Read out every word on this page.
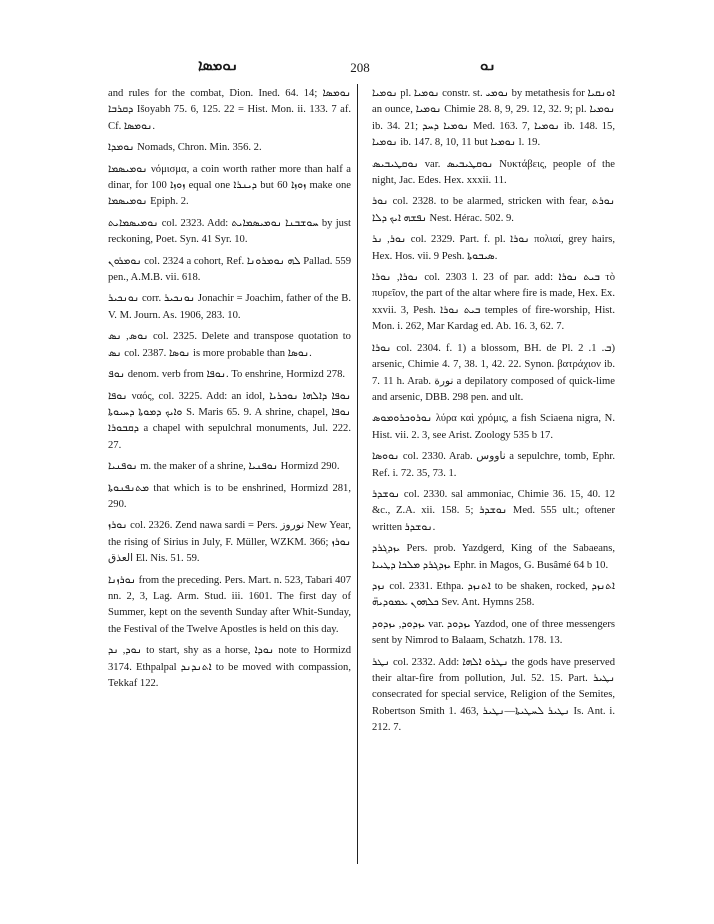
ܢܘܡܣܐ	208	ܢܘ

and rules for the combat, Dion. Ined. 64. 14; ܢܘܡܣܐ ܕܩܪܒܐ Išoyabh 75. 6, 125. 22 = Hist. Mon. ii. 133. 7 af. Cf. ܢܘܡܣܐ.

ܢܘܡܕܐ Nomads, Chron. Min. 356. 2.

ܢܘܡܝܣܡܐ νόμισμα, a coin worth rather more than half a dinar, for 100 ܙܘܙܐ equal one ܕܝܢܪܐ but 60 ܙܘܙܐ make one ܢܘܡܝܣܡܐ Epiph. 2.

ܢܘܡܝܣܡܐܝܬ col. 2323. Add: ܚܘܫܒܢܐ ܢܘܡܝܣܡܐܝܬ by just reckoning, Poet. Syn. 41 Syr. 10.

ܢܘܡܪܘܢ col. 2324 a cohort, Ref. ܠܗ ܢܘܡܪܘܢܐ Pallad. 559 pen., A.M.B. vii. 618.

ܢܘܢܟܝܪ corr. ܢܘܢܟܝܪ Jonachir = Joachim, father of the B. V. M. Journ. As. 1906, 283. 10.

ܢܘܣ, ܢܣ col. 2325. Delete and transpose quotation to ܢܣ col. 2387. ܢܘܣܐ is more probable than ܢܘܣܐ.

ܢܘܦ denom. verb from ܢܘܦܐ. To enshrine, Hormizd 278.

ܢܘܦܐ ναός, col. 3225. Add: an idol, ܢܘܦܐ ܕܐܠܗܐ ܢܘܟܪܝܐ ܘܐܝܟ ܕܡܘܬܐ ܕܚܝܘܬܐ S. Maris 65. 9. A shrine, chapel, ܢܘܦܐ ܕܩܒܘܪܐ a chapel with sepulchral monuments, Jul. 222. 27.

ܢܘܦܢܝܐ m. the maker of a shrine, ܢܘܦܢܝܐ Hormizd 290.

ܡܬܢܦܢܘܬܐ that which is to be enshrined, Hormizd 281, 290.

ܢܘܪܙ col. 2326. Zend nawa sardi = Pers. نوروز New Year, the rising of Sirius in July, F. Müller, WZKM. 366; ܢܘܪܙ العذق El. Nis. 51. 59.

ܢܘܪܙܢܐ from the preceding. Pers. Mart. n. 523, Tabari 407 nn. 2, 3, Lag. Arm. Stud. iii. 1601. The first day of Summer, kept on the seventh Sunday after Whit-Sunday, the Festival of the Twelve Apostles is held on this day.

ܢܘܕ, ܢܕ to start, shy as a horse, ܢܘܕܐ note to Hormizd 3174. Ethpalpal ܐܬܢܕܢܕ to be moved with compassion, Tekkaf 122.

ܢܘܡܝܐ pl. ܢܘܡܝܐ constr. st. ܢܘܡܝ by metathesis for ܐܘܢܩܝܐ an ounce, ܢܘܡܝܐ Chimie 28. 8, 9, 29. 12, 32. 9; pl. ܢܘܡܝܐ ib. 34. 21; ܢܘܡܝܐ ܕܚܕ Med. 163. 7, ܢܘܡܝܐ ib. 148. 15, ܢܘܡܝܐ ib. 147. 8, 10, 11 but ܢܘܡܝܐ l. 19.

ܢܘܩܛܝܒܝܣ var. ܢܘܩܛܝܒܝܣ Νυκτάβεις, people of the night, Jac. Edes. Hex. xxxii. 11.

ܢܘܪ col. 2328. to be alarmed, stricken with fear, ܢܘܪܬ ܢܦܫܗ ܐܝܟ ܕܠܐ Nest. Hérac. 502. 9.

ܢܘܪ, ܢܪ col. 2329. Part. f. pl. ܢܘܪܐ πολιαί, grey hairs, Hex. Hos. vii. 9 Pesh. ܣܝܒܘܬܐ.

ܢܘܪܐ, ܢܘܪܐ col. 2303 l. 23 of par. add: ܒܝܬ ܢܘܪܐ τὸ πυρεῖον, the part of the altar where fire is made, Hex. Ex. xxvii. 3, Pesh. ܒܝܬ ܢܘܪܐ temples of fire-worship, Hist. Mon. i. 262, Mar Kardag ed. Ab. 16. 3, 62. 7.

ܢܘܪܐ col. 2304. f. 1) a blossom, BH. de Pl. ܒ. 1. 2) arsenic, Chimie 4. 7, 38. 1, 42. 22. Synon. βατράχιον ib. 7. 11 h. Arab. نورة a depilatory composed of quick-lime and arsenic, DBB. 298 pen. and ult.

ܢܘܪܘܟܪܘܡܘܣ λύρα καὶ χρόμις, a fish Sciaena nigra, N. Hist. vii. 2. 3, see Arist. Zoology 535 b 17.

ܢܘܘܣܐ col. 2330. Arab. ناووس a sepulchre, tomb, Ephr. Ref. i. 72. 35, 73. 1.

ܢܘܫܕܪ col. 2330. sal ammoniac, Chimie 36. 15, 40. 12 &c., Z.A. xii. 158. 5; ܢܘܫܕܪ Med. 555 ult.; oftener written ܢܘܫܕܪ.

ܝܙܕܓܪܕ Pers. prob. Yazdgerd, King of the Sabaeans, ܝܙܕܓܪܕ ܡܠܟܐ ܕܛܝܝܐ Ephr. in Magos, G. Busâmé 64 b 10.

ܢܙܕ col. 2331. Ethpa. ܐܬܢܙܕ to be shaken, rocked, ܐܬܢܙܕ ܟܠܗܘܢ ܥܡܘܕܝܗ̈ Sev. Ant. Hymns 258.

ܝܙܕܘܕ, ܝܙܕܘܕ var. ܝܙܕܘܕ Yazdod, one of three messengers sent by Nimrod to Balaam, Schatzh. 178. 13.

ܢܛܪ col. 2332. Add: ܢܛܪܘ ܐܠܗܐ the gods have preserved their altar-fire from pollution, Jul. 52. 15. Part. ܢܛܝܪ consecrated for special service, Religion of the Semites, Robertson Smith 1. 463, ܢܛܝܪ ܠܚܛܝܬܐ—ܢܛܝܪ Is. Ant. i. 212. 7.
